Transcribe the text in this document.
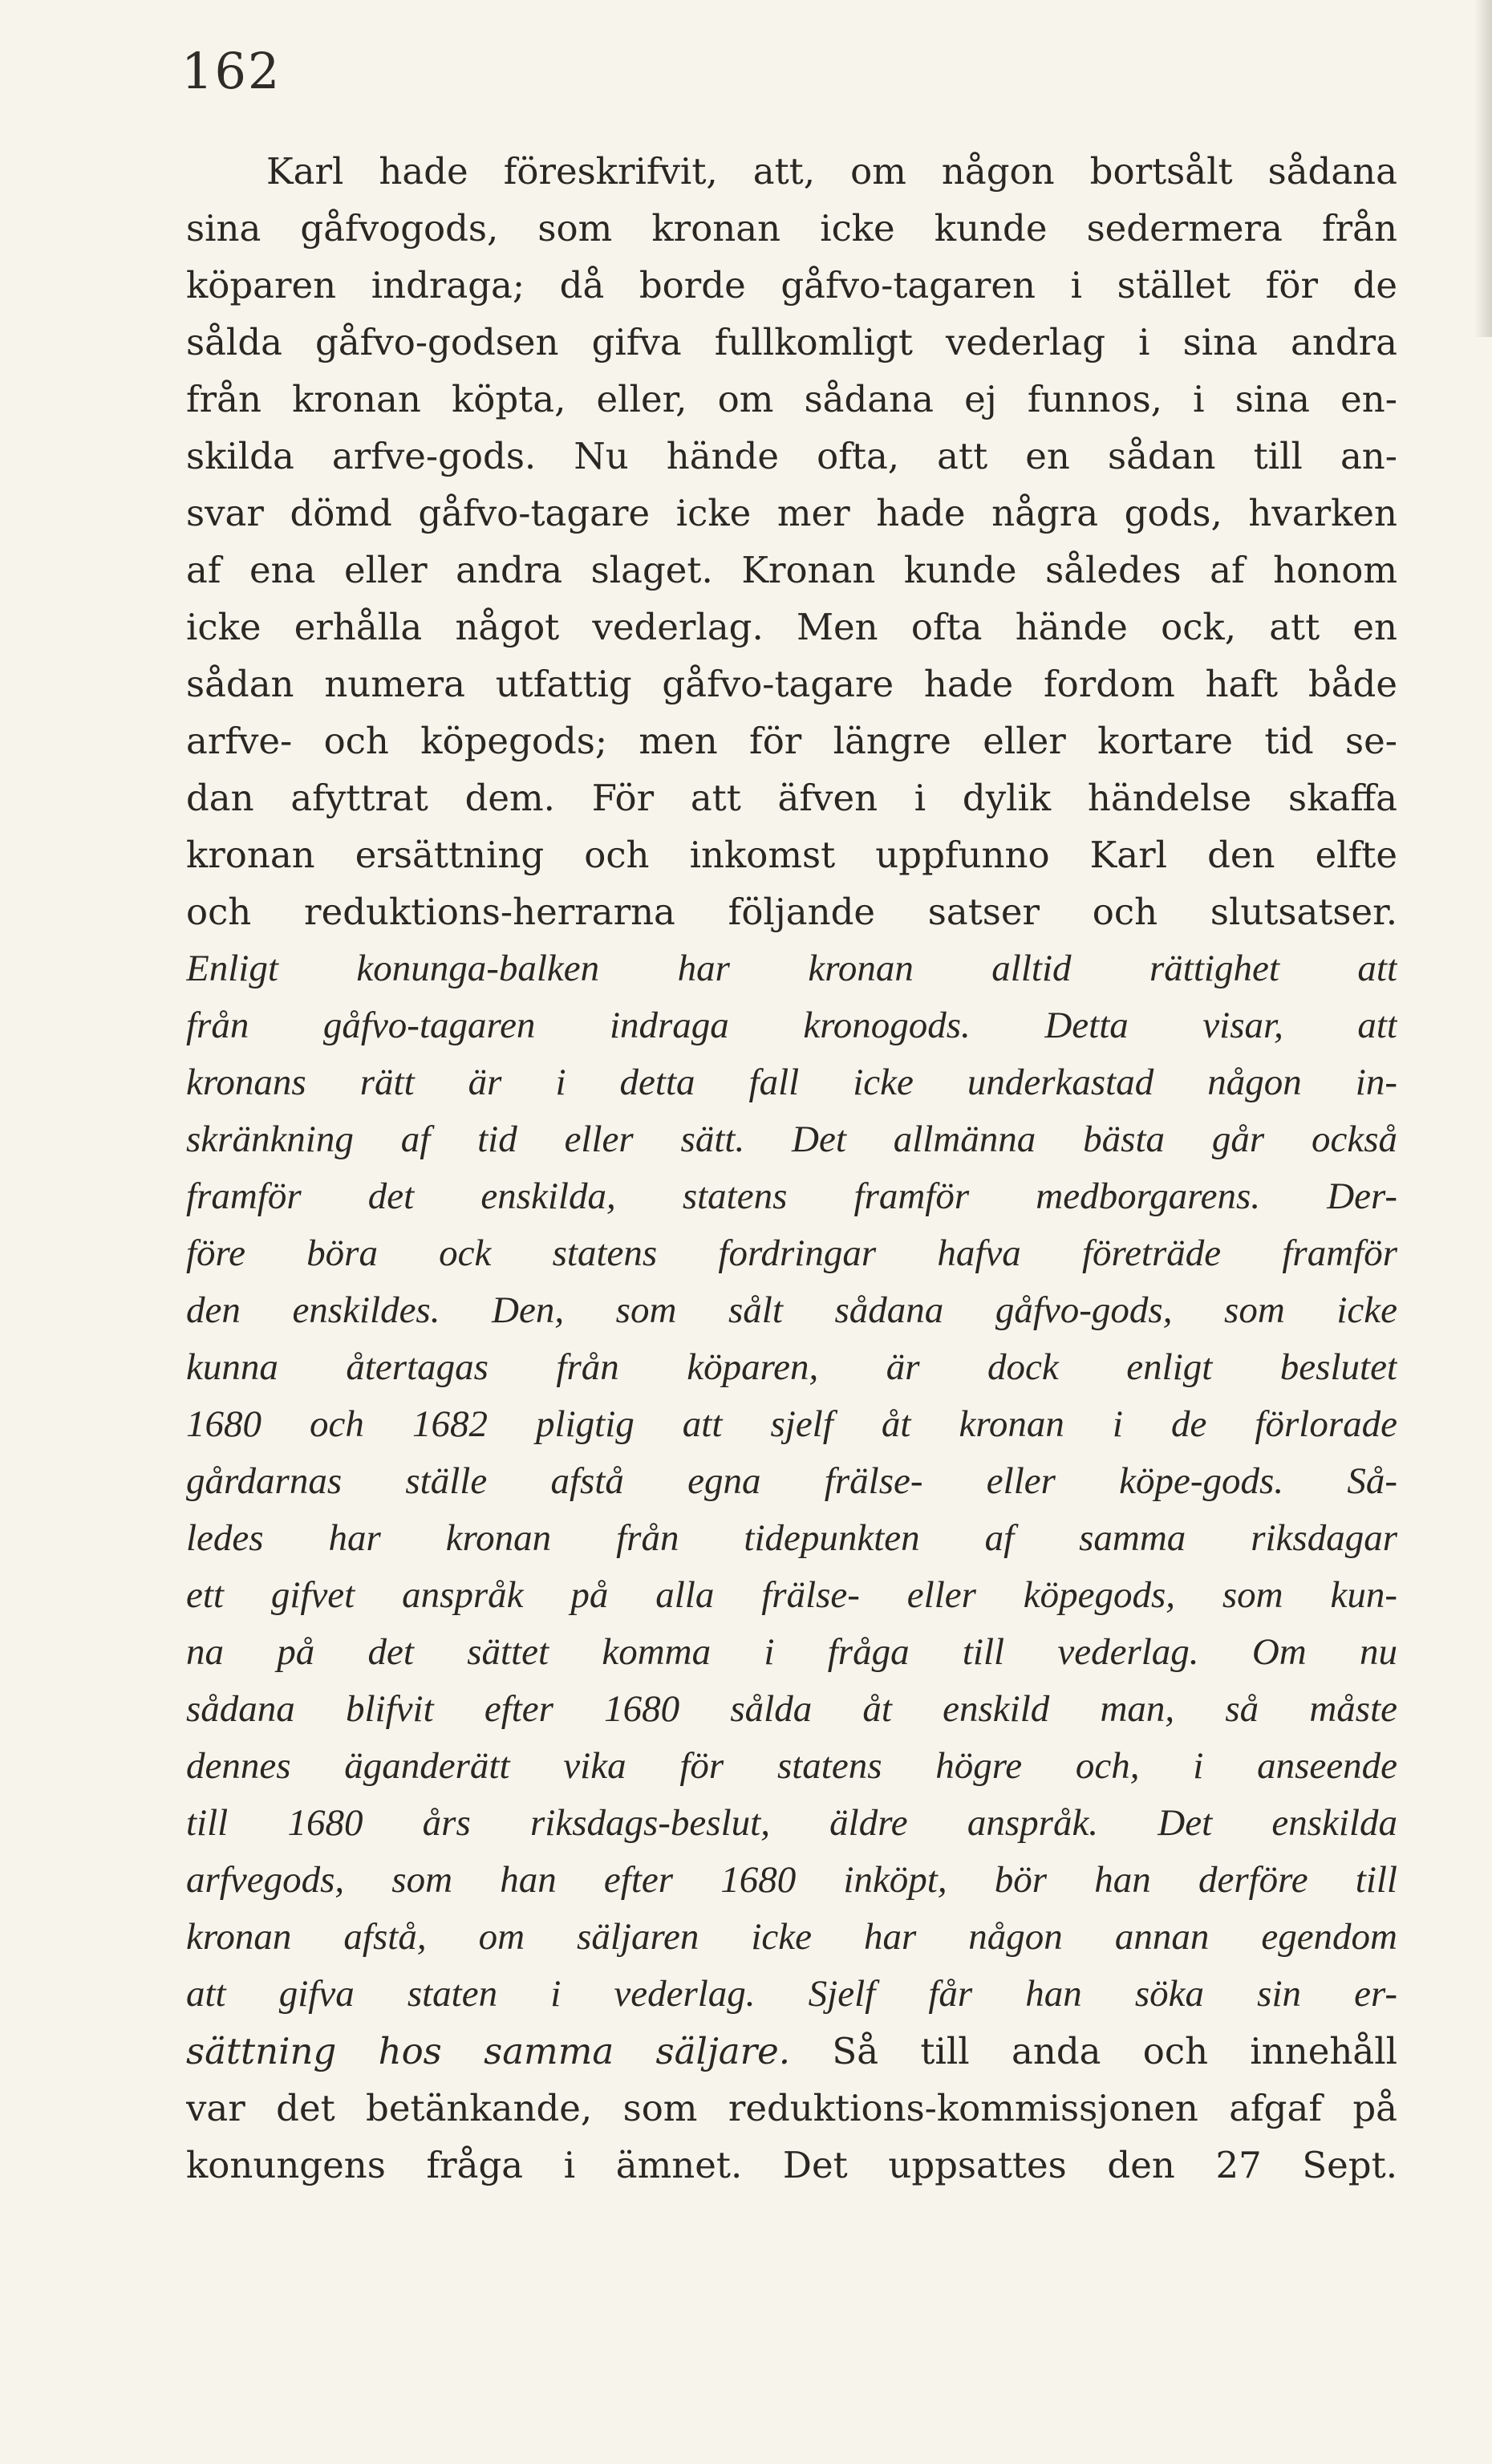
162
Karl hade föreskrifvit, att, om någon bortsålt sådana
sina gåfvogods, som kronan icke kunde sedermera från
köparen indraga; då borde gåfvo-tagaren i stället för de
sålda gåfvo-godsen gifva fullkomligt vederlag i sina andra
från kronan köpta, eller, om sådana ej funnos, i sina en-
skilda arfve-gods. Nu hände ofta, att en sådan till an-
svar dömd gåfvo-tagare icke mer hade några gods, hvarken
af ena eller andra slaget. Kronan kunde således af honom
icke erhålla något vederlag. Men ofta hände ock, att en
sådan numera utfattig gåfvo-tagare hade fordom haft både
arfve- och köpegods; men för längre eller kortare tid se-
dan afyttrat dem. För att äfven i dylik händelse skaffa
kronan ersättning och inkomst uppfunno Karl den elfte
och reduktions-herrarna följande satser och slutsatser.
Enligt konunga-balken har kronan alltid rättighet att
från gåfvo-tagaren indraga kronogods. Detta visar, att
kronans rätt är i detta fall icke underkastad någon in-
skränkning af tid eller sätt. Det allmänna bästa går också
framför det enskilda, statens framför medborgarens. Der-
före böra ock statens fordringar hafva företräde framför
den enskildes. Den, som sålt sådana gåfvo-gods, som icke
kunna återtagas från köparen, är dock enligt beslutet
1680 och 1682 pligtig att sjelf åt kronan i de förlorade
gårdarnas ställe afstå egna frälse- eller köpe-gods. Så-
ledes har kronan från tidepunkten af samma riksdagar
ett gifvet anspråk på alla frälse- eller köpegods, som kun-
na på det sättet komma i fråga till vederlag. Om nu
sådana blifvit efter 1680 sålda åt enskild man, så måste
dennes äganderätt vika för statens högre och, i anseende
till 1680 års riksdags-beslut, äldre anspråk. Det enskilda
arfvegods, som han efter 1680 inköpt, bör han derföre till
kronan afstå, om säljaren icke har någon annan egendom
att gifva staten i vederlag. Sjelf får han söka sin er-
sättning hos samma säljare. Så till anda och innehåll
var det betänkande, som reduktions-kommissjonen afgaf på
konungens fråga i ämnet. Det uppsattes den 27 Sept.
